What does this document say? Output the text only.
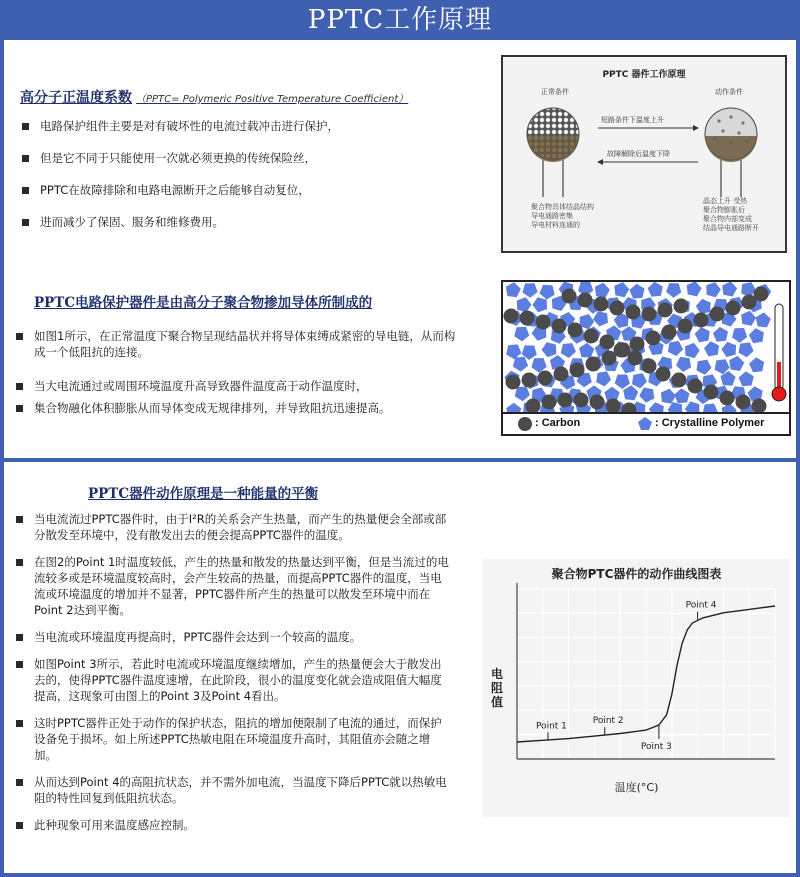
PPTC工作原理
高分子正温度系数 （PPTC= Polymeric Positive Temperature Coefficient）
电路保护组件主要是对有破坏性的电流过载冲击进行保护，
但是它不同于只能使用一次就必须更换的传统保险丝，
PPTC在故障排除和电路电源断开之后能够自动复位，
进而减少了保固、服务和维修费用。
PPTC 器件工作原理
正常条件	动作条件
短路条件下温度上升
故障解除后温度下降
聚合物具体结晶结构
导电通路密集
导电材料连通的
晶态上升 受热
聚合物膨胀后
聚合物内部变成
结晶导电通路断开
PPTC电路保护器件是由高分子聚合物掺加导体所制成的
如图1所示，在正常温度下聚合物呈现结晶状并将导体束缚成紧密的导电链，从而构成一个低阻抗的连接。
当大电流通过或周围环境温度升高导致器件温度高于动作温度时，
集合物融化体积膨胀从而导体变成无规律排列，并导致阻抗迅速提高。
: Carbon	: Crystalline Polymer
PPTC器件动作原理是一种能量的平衡
当电流流过PPTC器件时，由于I²R的关系会产生热量，而产生的热量便会全部或部分散发至环境中，没有散发出去的便会提高PPTC器件的温度。
在图2的Point 1时温度较低，产生的热量和散发的热量达到平衡，但是当流过的电流较多或是环境温度较高时，会产生较高的热量，而提高PPTC器件的温度，当电流或环境温度的增加并不显著，PPTC器件所产生的热量可以散发至环境中而在Point 2达到平衡。
当电流或环境温度再提高时，PPTC器件会达到一个较高的温度。
如图Point 3所示，若此时电流或环境温度继续增加，产生的热量便会大于散发出去的，使得PPTC器件温度速增，在此阶段，很小的温度变化就会造成阻值大幅度提高，这现象可由图上的Point 3及Point 4看出。
这时PPTC器件正处于动作的保护状态，阻抗的增加便限制了电流的通过，而保护设备免于损坏。如上所述PPTC热敏电阻在环境温度升高时，其阻值亦会随之增加。
从而达到Point 4的高阻抗状态，并不需外加电流，当温度下降后PPTC就以热敏电阻的特性回复到低阻抗状态。
此种现象可用来温度感应控制。
聚合物PTC器件的动作曲线图表
电阻值
温度(°C)
Point 1
Point 2
Point 3
Point 4
